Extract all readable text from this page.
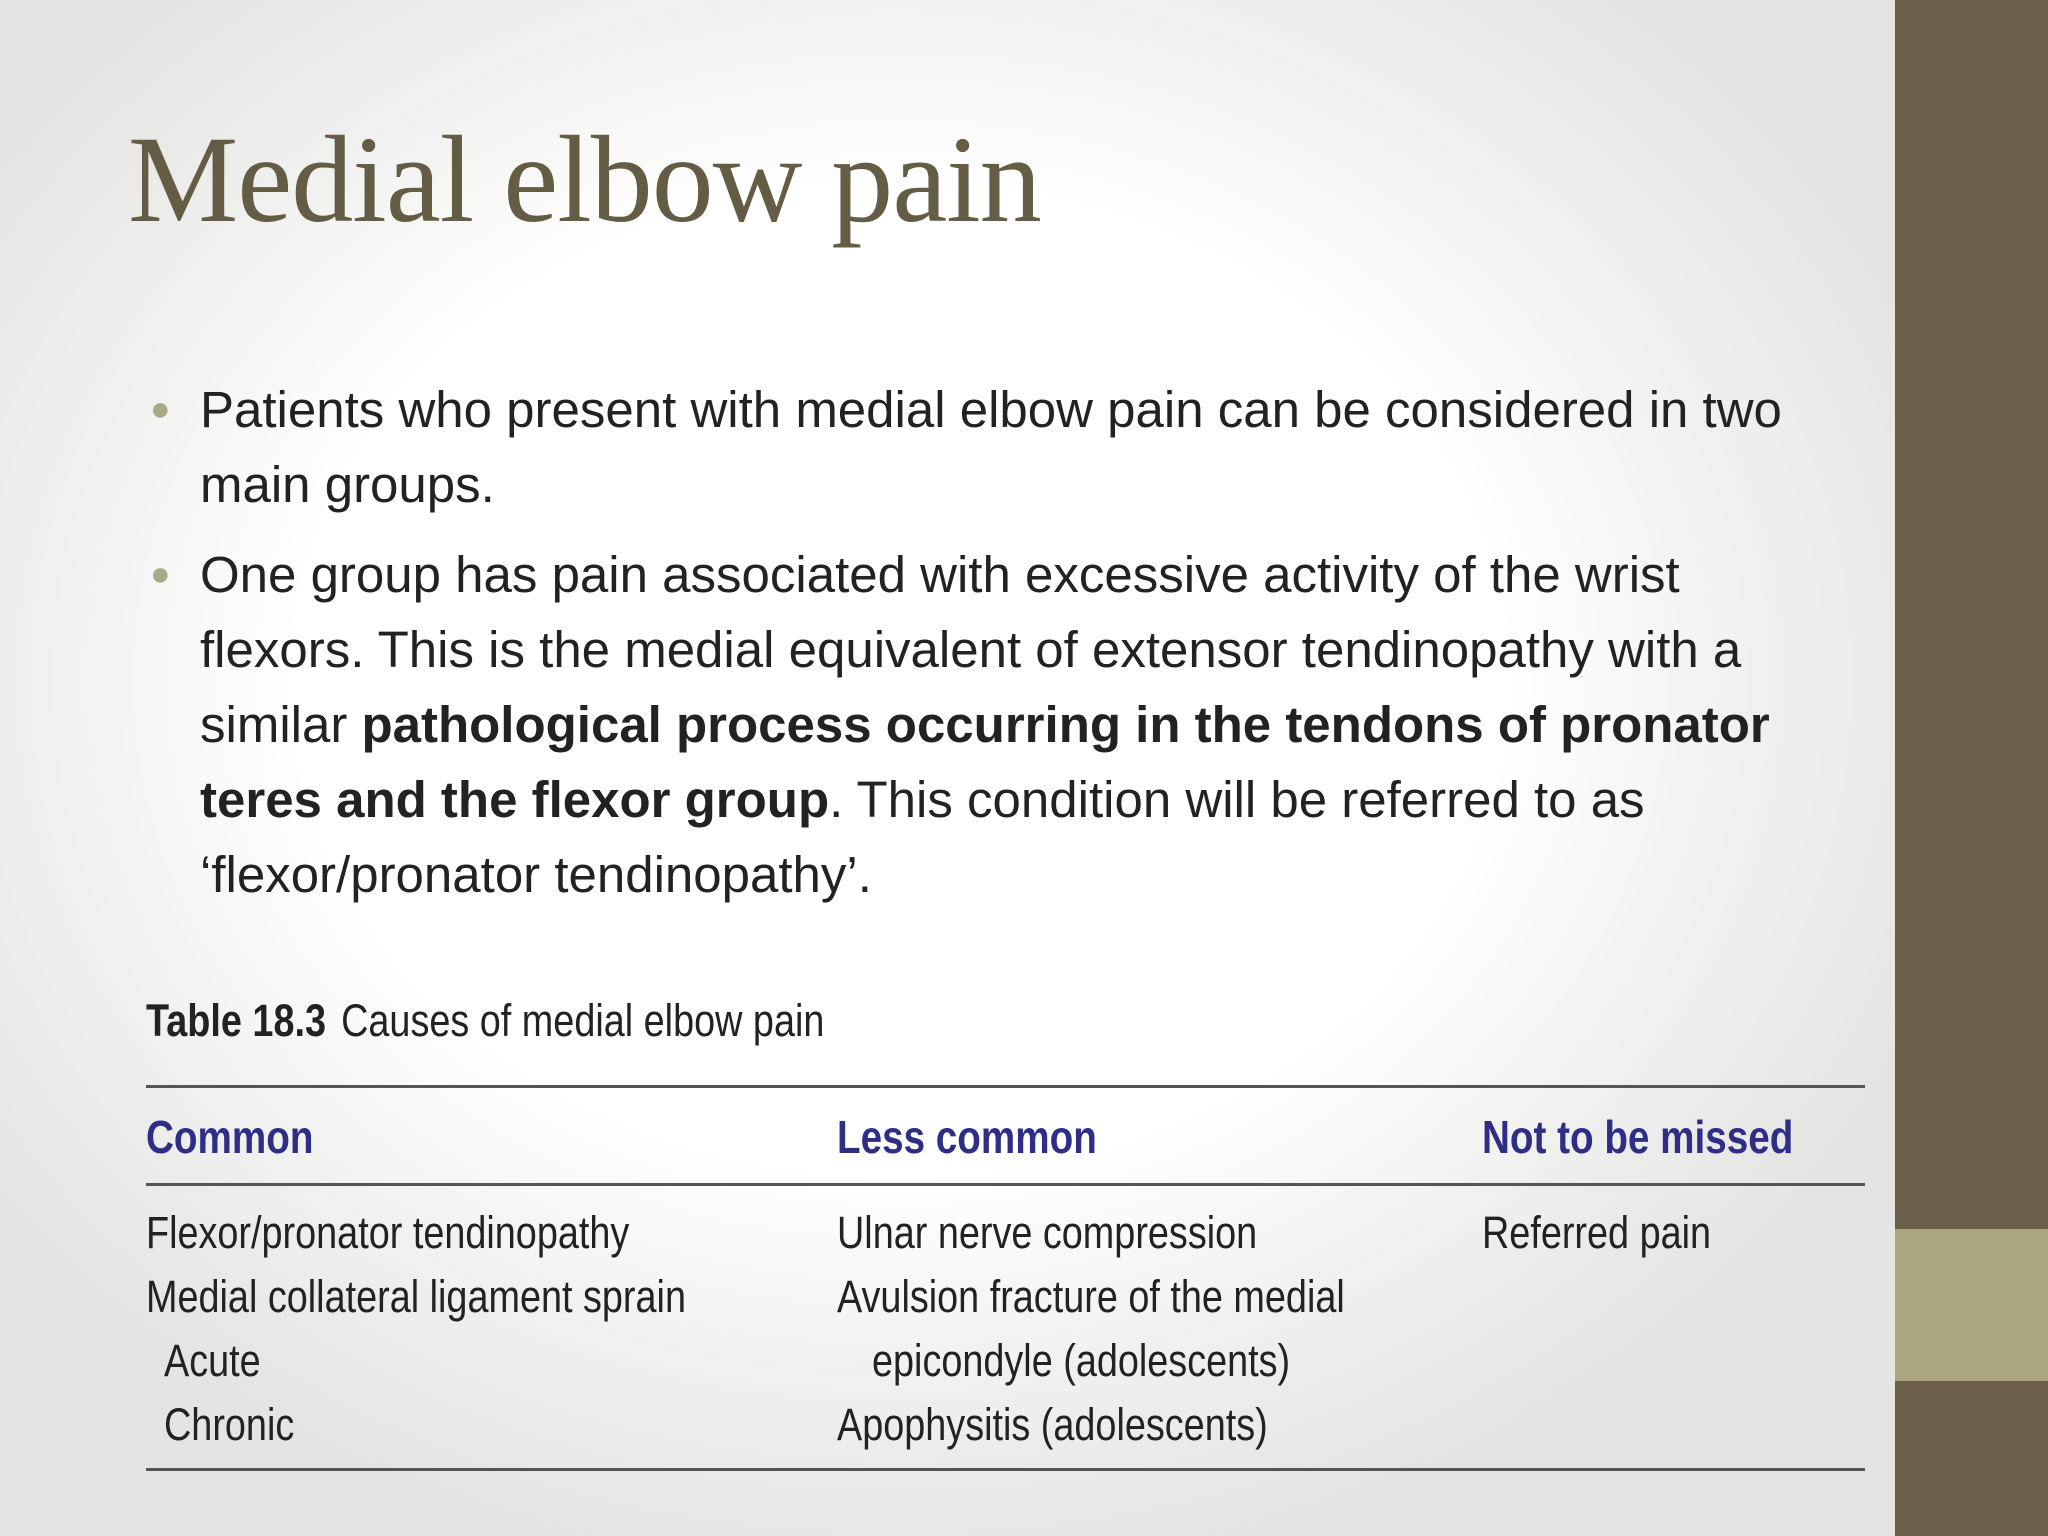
Medial elbow pain
● Patients who present with medial elbow pain can be considered in two main groups.
● One group has pain associated with excessive activity of the wrist flexors. This is the medial equivalent of extensor tendinopathy with a similar pathological process occurring in the tendons of pronator teres and the flexor group. This condition will be referred to as ‘flexor/pronator tendinopathy’.
Table 18.3 Causes of medial elbow pain
Common	Less common	Not to be missed
Flexor/pronator tendinopathy
Medial collateral ligament sprain
Acute
Chronic
Ulnar nerve compression
Avulsion fracture of the medial
epicondyle (adolescents)
Apophysitis (adolescents)
Referred pain
